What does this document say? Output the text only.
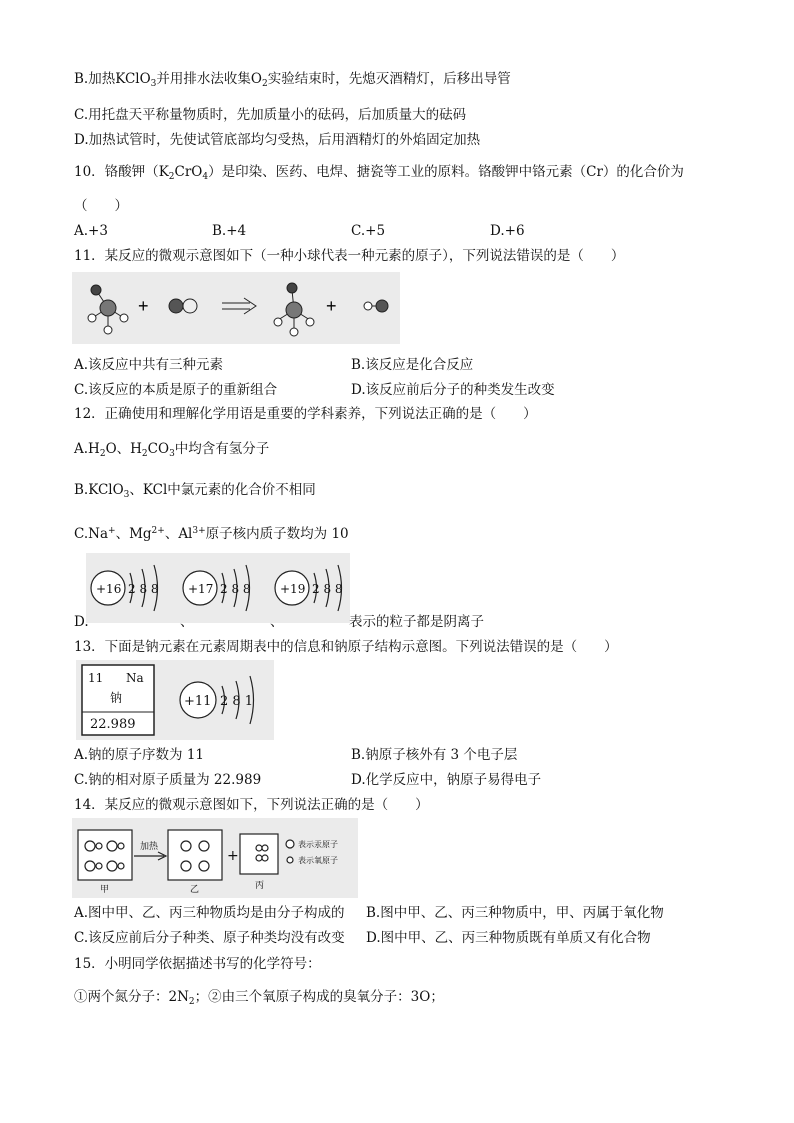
B.加热KClO$_3$并用排水法收集$O_2$实验结束时，先熄灭酒精灯，后移出导管
C.用托盘天平称量物质时，先加质量小的砝码，后加质量大的砝码
D.加热试管时，先使试管底部均匀受热，后用酒精灯的外焰固定加热
10．铬酸钾$(K_2CrO_4)$是印染、医药、电焊、搪瓷等工业的原料。铬酸钾中铬元素（Cr）的化合价为
（　　）
A.+3	B.+4	C.+5	D.+6
11．某反应的微观示意图如下（一种小球代表一种元素的原子），下列说法错误的是（　　）
+	+
A.该反应中共有三种元素	B.该反应是化合反应
C.该反应的本质是原子的重新组合	D.该反应前后分子的种类发生改变
12．正确使用和理解化学用语是重要的学科素养，下列说法正确的是（　　）
$A.H_2O$、$H_2CO_3$中均含有氢分子
B.KClO$_3$、KCl中氯元素的化合价不相同
C.Na+、$Mg^{2+}$、$Al^{3+}$原子核内质子数均为 10
+16 2 8 8 +17 2 8 8 +19 2 8 8
D.	、	、	表示的粒子都是阴离子
13．下面是钠元素在元素周期表中的信息和钠原子结构示意图。下列说法错误的是（　　）
11 Na
钠
22.989
+11 2 8 1
A.钠的原子序数为 11	B.钠原子核外有 3 个电子层
C.钠的相对原子质量为 22.989	D.化学反应中，钠原子易得电子
14．某反应的微观示意图如下，下列说法正确的是（　　）
加热
+
表示汞原子
表示氧原子
甲	乙	丙
A.图中甲、乙、丙三种物质均是由分子构成的 B.图中甲、乙、丙三种物质中，甲、丙属于氧化物
C.该反应前后分子种类、原子种类均没有改变 D.图中甲、乙、丙三种物质既有单质又有化合物
15．小明同学依据描述书写的化学符号：
①两个氮分子：$2N_2$；②由三个氧原子构成的臭氧分子：3O；
